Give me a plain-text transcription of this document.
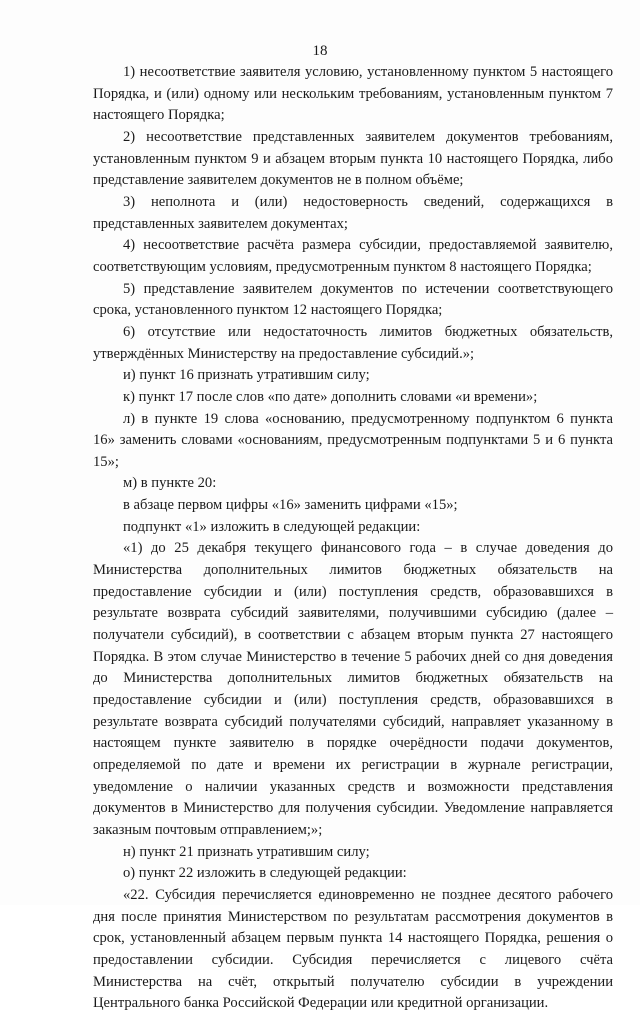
18

1) несоответствие заявителя условию, установленному пунктом 5 настоящего Порядка, и (или) одному или нескольким требованиям, установленным пунктом 7 настоящего Порядка;

2) несоответствие представленных заявителем документов требованиям, установленным пунктом 9 и абзацем вторым пункта 10 настоящего Порядка, либо представление заявителем документов не в полном объёме;

3) неполнота и (или) недостоверность сведений, содержащихся в представленных заявителем документах;

4) несоответствие расчёта размера субсидии, предоставляемой заявителю, соответствующим условиям, предусмотренным пунктом 8 настоящего Порядка;

5) представление заявителем документов по истечении соответствующего срока, установленного пунктом 12 настоящего Порядка;

6) отсутствие или недостаточность лимитов бюджетных обязательств, утверждённых Министерству на предоставление субсидий.»;

и) пункт 16 признать утратившим силу;

к) пункт 17 после слов «по дате» дополнить словами «и времени»;

л) в пункте 19 слова «основанию, предусмотренному подпунктом 6 пункта 16» заменить словами «основаниям, предусмотренным подпунктами 5 и 6 пункта 15»;

м) в пункте 20:

в абзаце первом цифры «16» заменить цифрами «15»;

подпункт «1» изложить в следующей редакции:

«1) до 25 декабря текущего финансового года – в случае доведения до Министерства дополнительных лимитов бюджетных обязательств на предоставление субсидии и (или) поступления средств, образовавшихся в результате возврата субсидий заявителями, получившими субсидию (далее – получатели субсидий), в соответствии с абзацем вторым пункта 27 настоящего Порядка. В этом случае Министерство в течение 5 рабочих дней со дня доведения до Министерства дополнительных лимитов бюджетных обязательств на предоставление субсидии и (или) поступления средств, образовавшихся в результате возврата субсидий получателями субсидий, направляет указанному в настоящем пункте заявителю в порядке очерёдности подачи документов, определяемой по дате и времени их регистрации в журнале регистрации, уведомление о наличии указанных средств и возможности представления документов в Министерство для получения субсидии. Уведомление направляется заказным почтовым отправлением;»;

н) пункт 21 признать утратившим силу;

о) пункт 22 изложить в следующей редакции:

«22. Субсидия перечисляется единовременно не позднее десятого рабочего дня после принятия Министерством по результатам рассмотрения документов в срок, установленный абзацем первым пункта 14 настоящего Порядка, решения о предоставлении субсидии. Субсидия перечисляется с лицевого счёта Министерства на счёт, открытый получателю субсидии в учреждении Центрального банка Российской Федерации или кредитной организации.
